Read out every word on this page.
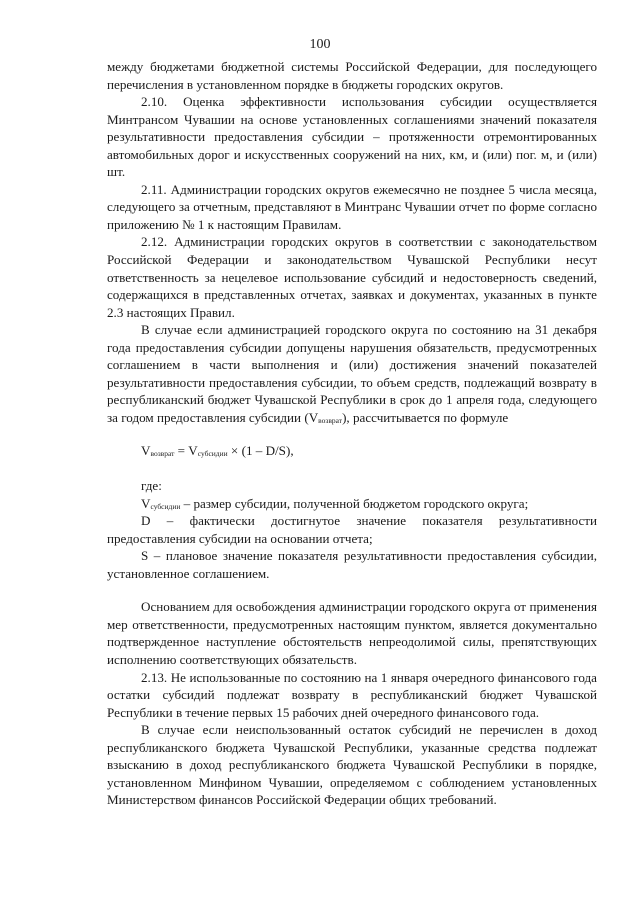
100

между бюджетами бюджетной системы Российской Федерации, для последующего перечисления в установленном порядке в бюджеты городских округов.

2.10. Оценка эффективности использования субсидии осуществляется Минтрансом Чувашии на основе установленных соглашениями значений показателя результативности предоставления субсидии – протяженности отремонтированных автомобильных дорог и искусственных сооружений на них, км, и (или) пог. м, и (или) шт.

2.11. Администрации городских округов ежемесячно не позднее 5 числа месяца, следующего за отчетным, представляют в Минтранс Чувашии отчет по форме согласно приложению № 1 к настоящим Правилам.

2.12. Администрации городских округов в соответствии с законодательством Российской Федерации и законодательством Чувашской Республики несут ответственность за нецелевое использование субсидий и недостоверность сведений, содержащихся в представленных отчетах, заявках и документах, указанных в пункте 2.3 настоящих Правил.

В случае если администрацией городского округа по состоянию на 31 декабря года предоставления субсидии допущены нарушения обязательств, предусмотренных соглашением в части выполнения и (или) достижения значений показателей результативности предоставления субсидии, то объем средств, подлежащий возврату в республиканский бюджет Чувашской Республики в срок до 1 апреля года, следующего за годом предоставления субсидии $(V_{возврат})$, рассчитывается по формуле

$V_{возврат} = V_{субсидии} \times (1 - D/S)$,

где:

$V_{субсидии}$ – размер субсидии, полученной бюджетом городского округа;

D – фактически достигнутое значение показателя результативности предоставления субсидии на основании отчета;

S – плановое значение показателя результативности предоставления субсидии, установленное соглашением.

Основанием для освобождения администрации городского округа от применения мер ответственности, предусмотренных настоящим пунктом, является документально подтвержденное наступление обстоятельств непреодолимой силы, препятствующих исполнению соответствующих обязательств.

2.13. Не использованные по состоянию на 1 января очередного финансового года остатки субсидий подлежат возврату в республиканский бюджет Чувашской Республики в течение первых 15 рабочих дней очередного финансового года.

В случае если неиспользованный остаток субсидий не перечислен в доход республиканского бюджета Чувашской Республики, указанные средства подлежат взысканию в доход республиканского бюджета Чувашской Республики в порядке, установленном Минфином Чувашии, определяемом с соблюдением установленных Министерством финансов Российской Федерации общих требований.
